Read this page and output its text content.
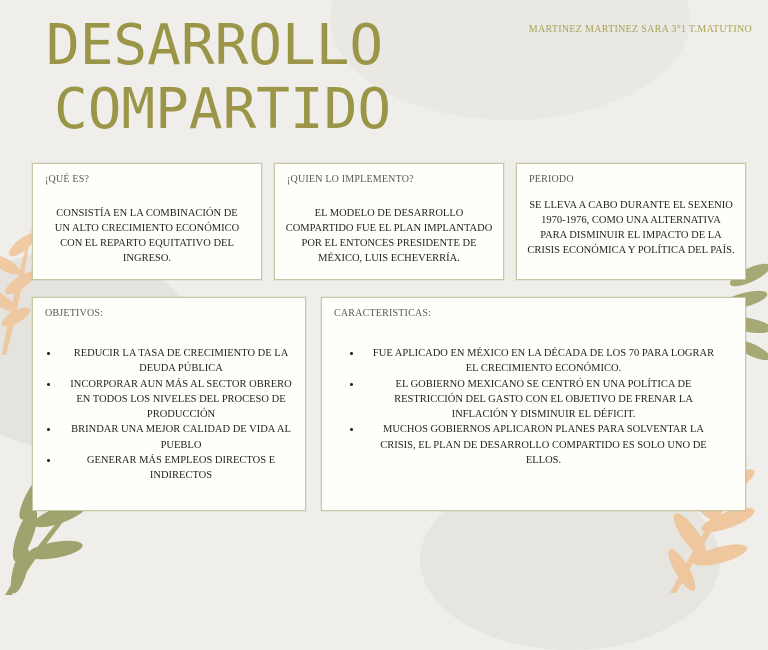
MARTINEZ MARTINEZ SARA 3°1 T.MATUTINO
DESARROLLO
COMPARTIDO
¡QUÉ ES?
CONSISTÍA EN LA COMBINACIÓN DE UN ALTO CRECIMIENTO ECONÓMICO CON EL REPARTO EQUITATIVO DEL INGRESO.
¡QUIEN LO IMPLEMENTO?
EL MODELO DE DESARROLLO COMPARTIDO FUE EL PLAN IMPLANTADO POR EL ENTONCES PRESIDENTE DE MÉXICO, LUIS ECHEVERRÍA.
PERIODO
SE LLEVA A CABO DURANTE EL SEXENIO 1970-1976, COMO UNA ALTERNATIVA PARA DISMINUIR EL IMPACTO DE LA CRISIS ECONÓMICA Y POLÍTICA DEL PAÍS.
OBJETIVOS:
• REDUCIR LA TASA DE CRECIMIENTO DE LA DEUDA PÚBLICA
• INCORPORAR AUN MÁS AL SECTOR OBRERO EN TODOS LOS NIVELES DEL PROCESO DE PRODUCCIÓN
• BRINDAR UNA MEJOR CALIDAD DE VIDA AL PUEBLO
• GENERAR MÁS EMPLEOS DIRECTOS E INDIRECTOS
CARACTERISTICAS:
• FUE APLICADO EN MÉXICO EN LA DÉCADA DE LOS 70 PARA LOGRAR EL CRECIMIENTO ECONÓMICO.
• EL GOBIERNO MEXICANO SE CENTRÓ EN UNA POLÍTICA DE RESTRICCIÓN DEL GASTO CON EL OBJETIVO DE FRENAR LA INFLACIÓN Y DISMINUIR EL DÉFICIT.
• MUCHOS GOBIERNOS APLICARON PLANES PARA SOLVENTAR LA CRISIS, EL PLAN DE DESARROLLO COMPARTIDO ES SOLO UNO DE ELLOS.
